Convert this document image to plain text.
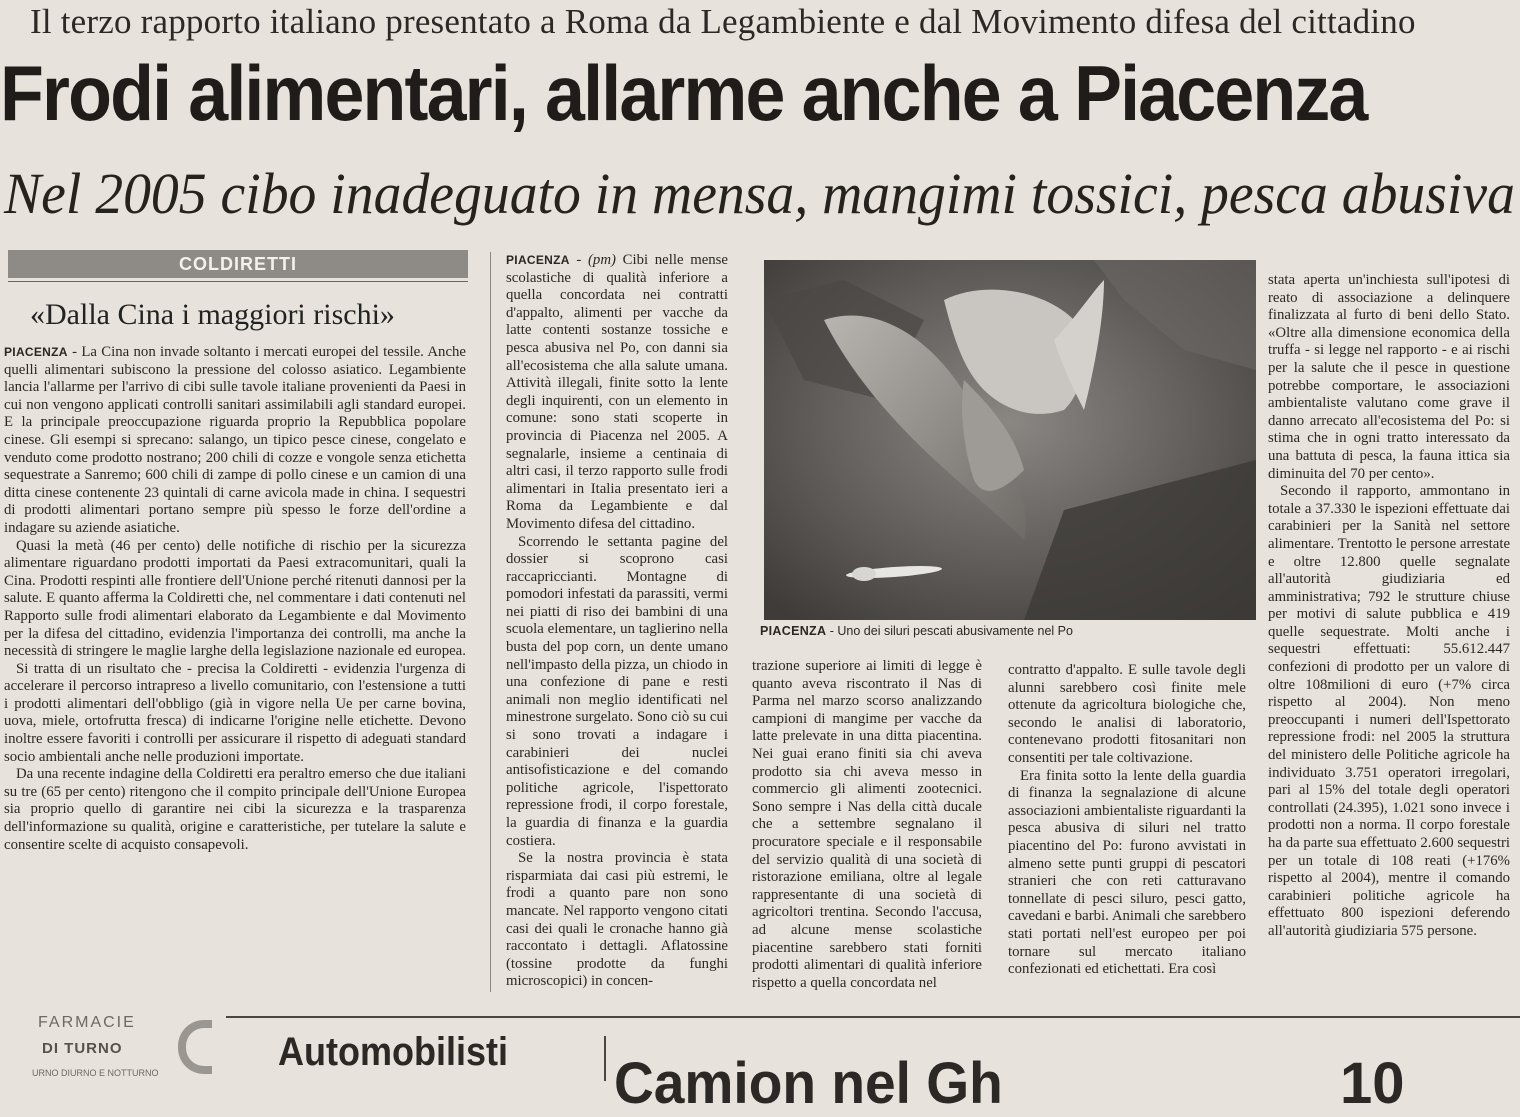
Il terzo rapporto italiano presentato a Roma da Legambiente e dal Movimento difesa del cittadino
Frodi alimentari, allarme anche a Piacenza
Nel 2005 cibo inadeguato in mensa, mangimi tossici, pesca abusiva
COLDIRETTI
«Dalla Cina i maggiori rischi»

PIACENZA - La Cina non invade soltanto i mercati europei del tessile. Anche quelli alimentari subiscono la pressione del colosso asiatico. Legambiente lancia l'allarme per l'arrivo di cibi sulle tavole italiane provenienti da Paesi in cui non vengono applicati controlli sanitari assimilabili agli standard europei. E la principale preoccupazione riguarda proprio la Repubblica popolare cinese. Gli esempi si sprecano: salango, un tipico pesce cinese, congelato e venduto come prodotto nostrano; 200 chili di cozze e vongole senza etichetta sequestrate a Sanremo; 600 chili di zampe di pollo cinese e un camion di una ditta cinese contenente 23 quintali di carne avicola made in china. I sequestri di prodotti alimentari portano sempre più spesso le forze dell'ordine a indagare su aziende asiatiche.

Quasi la metà (46 per cento) delle notifiche di rischio per la sicurezza alimentare riguardano prodotti importati da Paesi extracomunitari, quali la Cina. Prodotti respinti alle frontiere dell'Unione perché ritenuti dannosi per la salute. E quanto afferma la Coldiretti che, nel commentare i dati contenuti nel Rapporto sulle frodi alimentari elaborato da Legambiente e dal Movimento per la difesa del cittadino, evidenzia l'importanza dei controlli, ma anche la necessità di stringere le maglie larghe della legislazione nazionale ed europea.

Si tratta di un risultato che - precisa la Coldiretti - evidenzia l'urgenza di accelerare il percorso intrapreso a livello comunitario, con l'estensione a tutti i prodotti alimentari dell'obbligo (già in vigore nella Ue per carne bovina, uova, miele, ortofrutta fresca) di indicarne l'origine nelle etichette. Devono inoltre essere favoriti i controlli per assicurare il rispetto di adeguati standard socio ambientali anche nelle produzioni importate.

Da una recente indagine della Coldiretti era peraltro emerso che due italiani su tre (65 per cento) ritengono che il compito principale dell'Unione Europea sia proprio quello di garantire nei cibi la sicurezza e la trasparenza dell'informazione su qualità, origine e caratteristiche, per tutelare la salute e consentire scelte di acquisto consapevoli.

PIACENZA - (pm) Cibi nelle mense scolastiche di qualità inferiore a quella concordata nei contratti d'appalto, alimenti per vacche da latte contenti sostanze tossiche e pesca abusiva nel Po, con danni sia all'ecosistema che alla salute umana. Attività illegali, finite sotto la lente degli inquirenti, con un elemento in comune: sono stati scoperte in provincia di Piacenza nel 2005. A segnalarle, insieme a centinaia di altri casi, il terzo rapporto sulle frodi alimentari in Italia presentato ieri a Roma da Legambiente e dal Movimento difesa del cittadino.

Scorrendo le settanta pagine del dossier si scoprono casi raccapriccianti. Montagne di pomodori infestati da parassiti, vermi nei piatti di riso dei bambini di una scuola elementare, un taglierino nella busta del pop corn, un dente umano nell'impasto della pizza, un chiodo in una confezione di pane e resti animali non meglio identificati nel minestrone surgelato. Sono ciò su cui si sono trovati a indagare i carabinieri dei nuclei antisofisticazione e del comando politiche agricole, l'ispettorato repressione frodi, il corpo forestale, la guardia di finanza e la guardia costiera.

Se la nostra provincia è stata risparmiata dai casi più estremi, le frodi a quanto pare non sono mancate. Nel rapporto vengono citati casi dei quali le cronache hanno già raccontato i dettagli. Aflatossine (tossine prodotte da funghi microscopici) in concen-

PIACENZA - Uno dei siluri pescati abusivamente nel Po

trazione superiore ai limiti di legge è quanto aveva riscontrato il Nas di Parma nel marzo scorso analizzando campioni di mangime per vacche da latte prelevate in una ditta piacentina. Nei guai erano finiti sia chi aveva prodotto sia chi aveva messo in commercio gli alimenti zootecnici. Sono sempre i Nas della città ducale che a settembre segnalano il procuratore speciale e il responsabile del servizio qualità di una società di ristorazione emiliana, oltre al legale rappresentante di una società di agricoltori trentina. Secondo l'accusa, ad alcune mense scolastiche piacentine sarebbero stati forniti prodotti alimentari di qualità inferiore rispetto a quella concordata nel

contratto d'appalto. E sulle tavole degli alunni sarebbero così finite mele ottenute da agricoltura biologiche che, secondo le analisi di laboratorio, contenevano prodotti fitosanitari non consentiti per tale coltivazione.

Era finita sotto la lente della guardia di finanza la segnalazione di alcune associazioni ambientaliste riguardanti la pesca abusiva di siluri nel tratto piacentino del Po: furono avvistati in almeno sette punti gruppi di pescatori stranieri che con reti catturavano tonnellate di pesci siluro, pesci gatto, cavedani e barbi. Animali che sarebbero stati portati nell'est europeo per poi tornare sul mercato italiano confezionati ed etichettati. Era così

stata aperta un'inchiesta sull'ipotesi di reato di associazione a delinquere finalizzata al furto di beni dello Stato. «Oltre alla dimensione economica della truffa - si legge nel rapporto - e ai rischi per la salute che il pesce in questione potrebbe comportare, le associazioni ambientaliste valutano come grave il danno arrecato all'ecosistema del Po: si stima che in ogni tratto interessato da una battuta di pesca, la fauna ittica sia diminuita del 70 per cento».

Secondo il rapporto, ammontano in totale a 37.330 le ispezioni effettuate dai carabinieri per la Sanità nel settore alimentare. Trentotto le persone arrestate e oltre 12.800 quelle segnalate all'autorità giudiziaria ed amministrativa; 792 le strutture chiuse per motivi di salute pubblica e 419 quelle sequestrate. Molti anche i sequestri effettuati: 55.612.447 confezioni di prodotto per un valore di oltre 108milioni di euro (+7% circa rispetto al 2004). Non meno preoccupanti i numeri dell'Ispettorato repressione frodi: nel 2005 la struttura del ministero delle Politiche agricole ha individuato 3.751 operatori irregolari, pari al 15% del totale degli operatori controllati (24.395), 1.021 sono invece i prodotti non a norma. Il corpo forestale ha da parte sua effettuato 2.600 sequestri per un totale di 108 reati (+176% rispetto al 2004), mentre il comando carabinieri politiche agricole ha effettuato 800 ispezioni deferendo all'autorità giudiziaria 575 persone.

FARMACIE
DI TURNO
URNO DIURNO E NOTTURNO	Automobilisti Camion nel Gh	10
